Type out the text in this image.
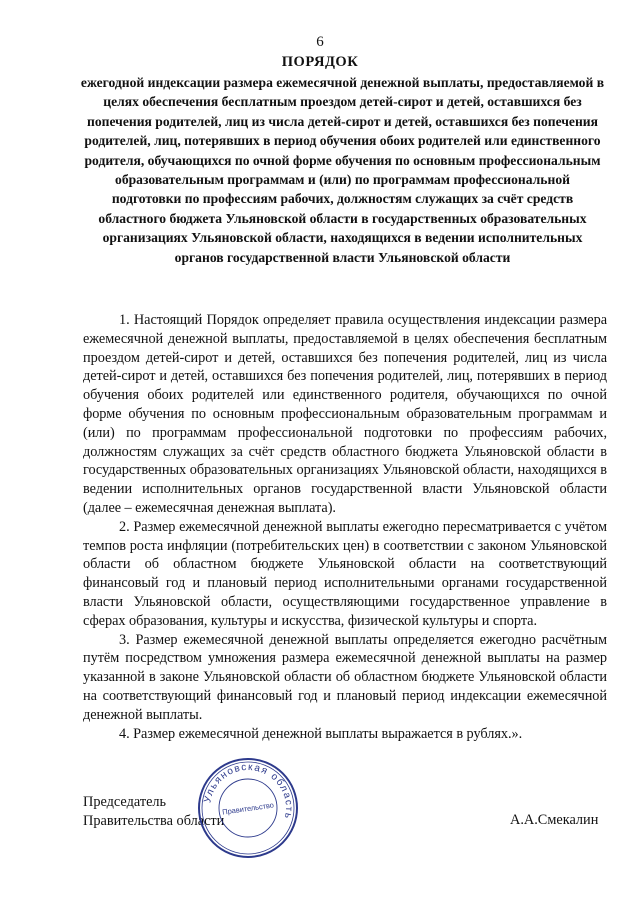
6
ПОРЯДОК

ежегодной индексации размера ежемесячной денежной выплаты, предоставляемой в целях обеспечения бесплатным проездом детей-сирот и детей, оставшихся без попечения родителей, лиц из числа детей-сирот и детей, оставшихся без попечения родителей, лиц, потерявших в период обучения обоих родителей или единственного родителя, обучающихся по очной форме обучения по основным профессиональным образовательным программам и (или) по программам профессиональной подготовки по профессиям рабочих, должностям служащих за счёт средств областного бюджета Ульяновской области в государственных образовательных организациях Ульяновской области, находящихся в ведении исполнительных органов государственной власти Ульяновской области

1. Настоящий Порядок определяет правила осуществления индексации размера ежемесячной денежной выплаты, предоставляемой в целях обеспечения бесплатным проездом детей-сирот и детей, оставшихся без попечения родителей, лиц из числа детей-сирот и детей, оставшихся без попечения родителей, лиц, потерявших в период обучения обоих родителей или единственного родителя, обучающихся по очной форме обучения по основным профессиональным образовательным программам и (или) по программам профессиональной подготовки по профессиям рабочих, должностям служащих за счёт средств областного бюджета Ульяновской области в государственных образовательных организациях Ульяновской области, находящихся в ведении исполнительных органов государственной власти Ульяновской области (далее – ежемесячная денежная выплата).

2. Размер ежемесячной денежной выплаты ежегодно пересматривается с учётом темпов роста инфляции (потребительских цен) в соответствии с законом Ульяновской области об областном бюджете Ульяновской области на соответствующий финансовый год и плановый период исполнительными органами государственной власти Ульяновской области, осуществляющими государственное управление в сферах образования, культуры и искусства, физической культуры и спорта.

3. Размер ежемесячной денежной выплаты определяется ежегодно расчётным путём посредством умножения размера ежемесячной денежной выплаты на размер указанной в законе Ульяновской области об областном бюджете Ульяновской области на соответствующий финансовый год и плановый период индексации ежемесячной денежной выплаты.

4. Размер ежемесячной денежной выплаты выражается в рублях.».

Председатель
Правительства области	А.А.Смекалин
Ульяновская область
Правительство
